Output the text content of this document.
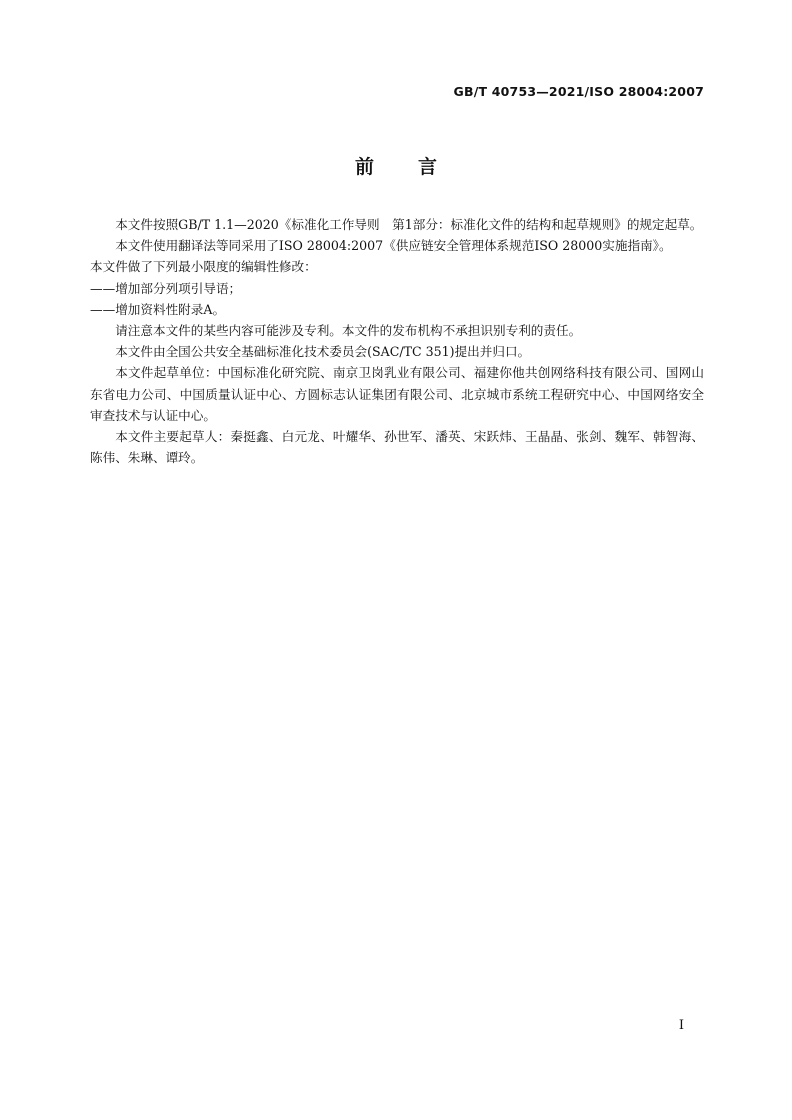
GB/T 40753—2021/ISO 28004:2007
前言

本文件按照GB/T 1.1—2020《标准化工作导则　第1部分：标准化文件的结构和起草规则》的规定起草。

本文件使用翻译法等同采用了ISO 28004:2007《供应链安全管理体系规范ISO 28000实施指南》。

本文件做了下列最小限度的编辑性修改：

——增加部分列项引导语；

——增加资料性附录A。

请注意本文件的某些内容可能涉及专利。本文件的发布机构不承担识别专利的责任。

本文件由全国公共安全基础标准化技术委员会(SAC/TC 351)提出并归口。

本文件起草单位：中国标准化研究院、南京卫岗乳业有限公司、福建你他共创网络科技有限公司、国网山东省电力公司、中国质量认证中心、方圆标志认证集团有限公司、北京城市系统工程研究中心、中国网络安全审查技术与认证中心。

本文件主要起草人：秦挺鑫、白元龙、叶耀华、孙世军、潘英、宋跃炜、王晶晶、张剑、魏军、韩智海、陈伟、朱琳、谭玲。

I
